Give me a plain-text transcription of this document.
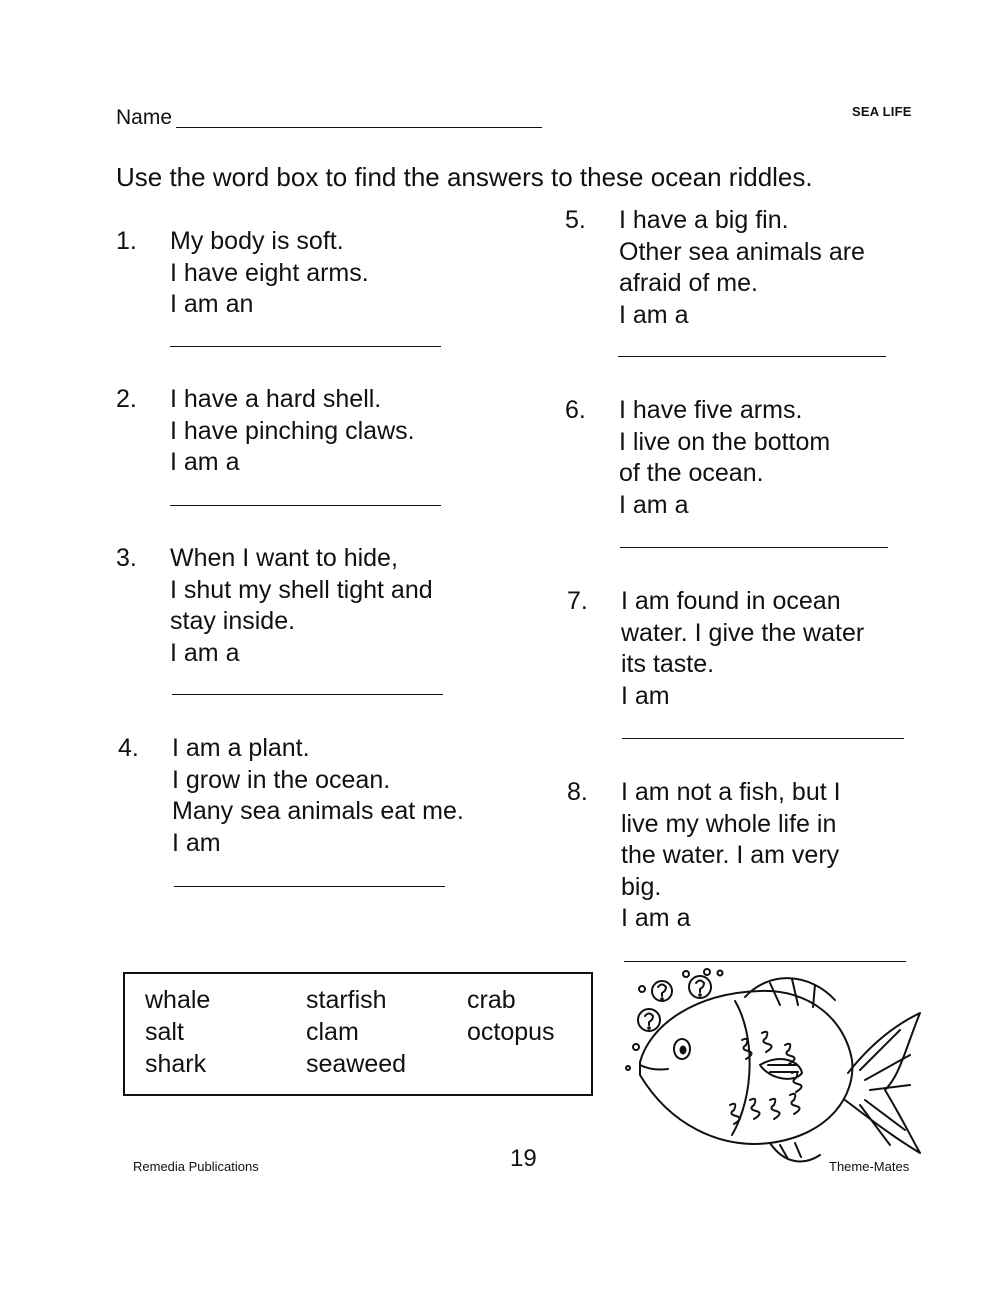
Name	SEA LIFE
Use the word box to find the answers to these ocean riddles.
1. My body is soft.
I have eight arms.
I am an
2. I have a hard shell.
I have pinching claws.
I am a
3. When I want to hide,
I shut my shell tight and
stay inside.
I am a
4. I am a plant.
I grow in the ocean.
Many sea animals eat me.
I am
5. I have a big fin.
Other sea animals are
afraid of me.
I am a
6. I have five arms.
I live on the bottom
of the ocean.
I am a
7. I am found in ocean
water. I give the water
its taste.
I am
8. I am not a fish, but I
live my whole life in
the water. I am very
big.
I am a
whale	starfish	crab
salt	clam	octopus
shark	seaweed
Remedia Publications	19	Theme-Mates
